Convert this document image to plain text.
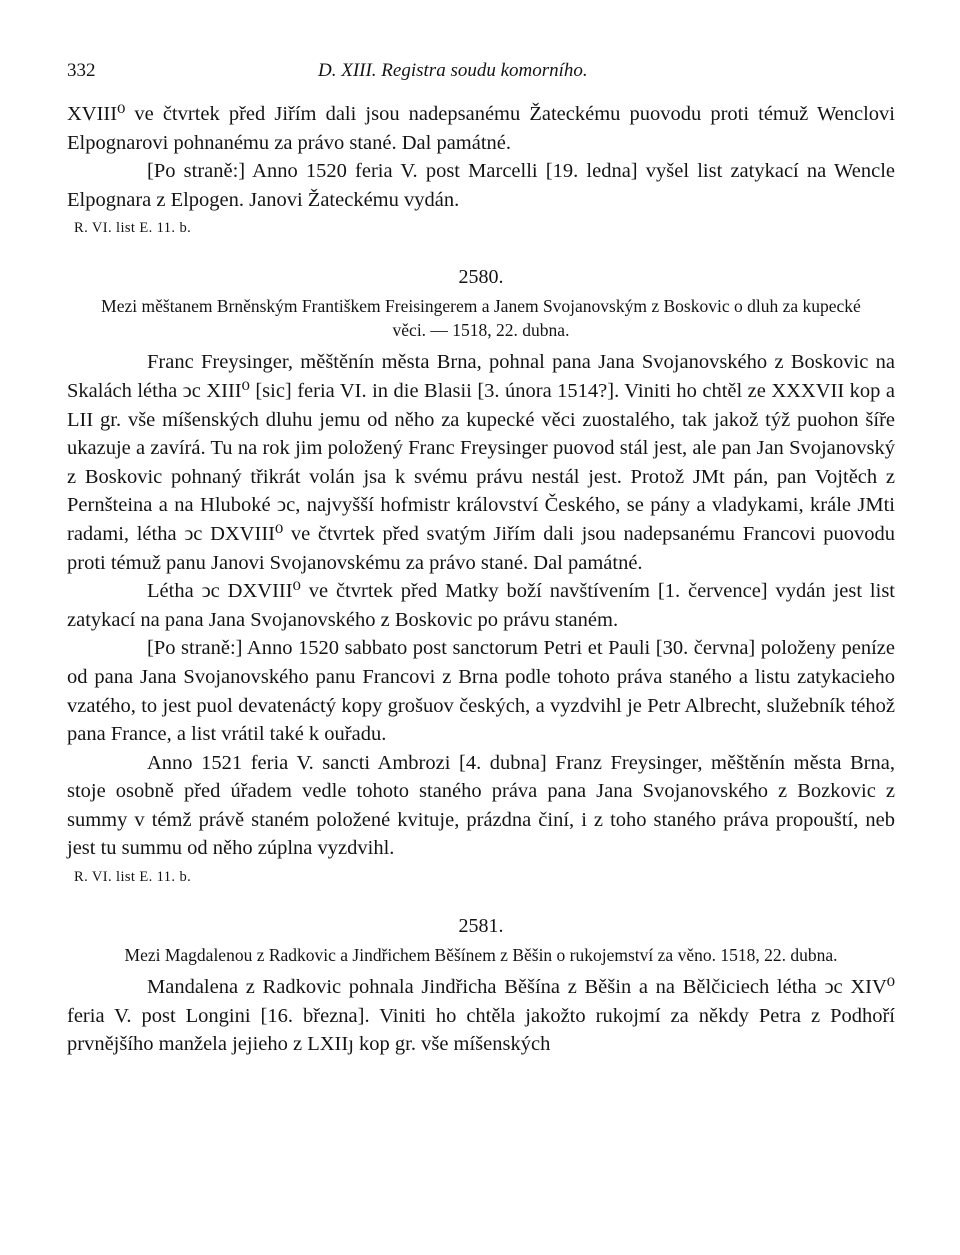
332	D. XIII. Registra soudu komorního.

XVIII⁰ ve čtvrtek před Jiřím dali jsou nadepsanému Žateckému puovodu proti témuž Wenclovi Elpognarovi pohnanému za právo stané. Dal památné.

[Po straně:] Anno 1520 feria V. post Marcelli [19. ledna] vyšel list zatykací na Wencle Elpognara z Elpogen. Janovi Žateckému vydán.

R. VI. list E. 11. b.
2580.
Mezi měštanem Brněnským Františkem Freisingerem a Janem Svojanovským z Boskovic o dluh za kupecké věci. — 1518, 22. dubna.

Franc Freysinger, měštěnín města Brna, pohnal pana Jana Svojanovského z Boskovic na Skalách létha ↄc XIII⁰ [sic] feria VI. in die Blasii [3. února 1514?]. Viniti ho chtěl ze XXXVII kop a LII gr. vše míšenských dluhu jemu od něho za kupecké věci zuostalého, tak jakož týž puohon šíře ukazuje a zavírá. Tu na rok jim položený Franc Freysinger puovod stál jest, ale pan Jan Svojanovský z Boskovic pohnaný třikrát volán jsa k svému právu nestál jest. Protož JMt pán, pan Vojtěch z Pernšteina a na Hluboké ↄc, najvyšší hofmistr království Českého, se pány a vladykami, krále JMti radami, létha ↄc DXVIII⁰ ve čtvrtek před svatým Jiřím dali jsou nadepsanému Francovi puovodu proti témuž panu Janovi Svojanovskému za právo stané. Dal památné.

Létha ↄc DXVIII⁰ ve čtvrtek před Matky boží navštívením [1. července] vydán jest list zatykací na pana Jana Svojanovského z Boskovic po právu staném.

[Po straně:] Anno 1520 sabbato post sanctorum Petri et Pauli [30. června] položeny peníze od pana Jana Svojanovského panu Francovi z Brna podle tohoto práva staného a listu zatykacieho vzatého, to jest puol devatenáctý kopy grošuov českých, a vyzdvihl je Petr Albrecht, služebník téhož pana France, a list vrátil také k ouřadu.

Anno 1521 feria V. sancti Ambrozi [4. dubna] Franz Freysinger, měštěnín města Brna, stoje osobně před úřadem vedle tohoto staného práva pana Jana Svojanovského z Bozkovic z summy v témž právě staném položené kvituje, prázdna činí, i z toho staného práva propouští, neb jest tu summu od něho zúplna vyzdvihl.

R. VI. list E. 11. b.
2581.
Mezi Magdalenou z Radkovic a Jindřichem Běšínem z Běšin o rukojemství za věno. 1518, 22. dubna.

Mandalena z Radkovic pohnala Jindřicha Běšína z Běšin a na Bělčiciech létha ↄc XIV⁰ feria V. post Longini [16. března]. Viniti ho chtěla jakožto rukojmí za někdy Petra z Podhoří prvnějšího manžela jejieho z LXIIȷ kop gr. vše míšenských
